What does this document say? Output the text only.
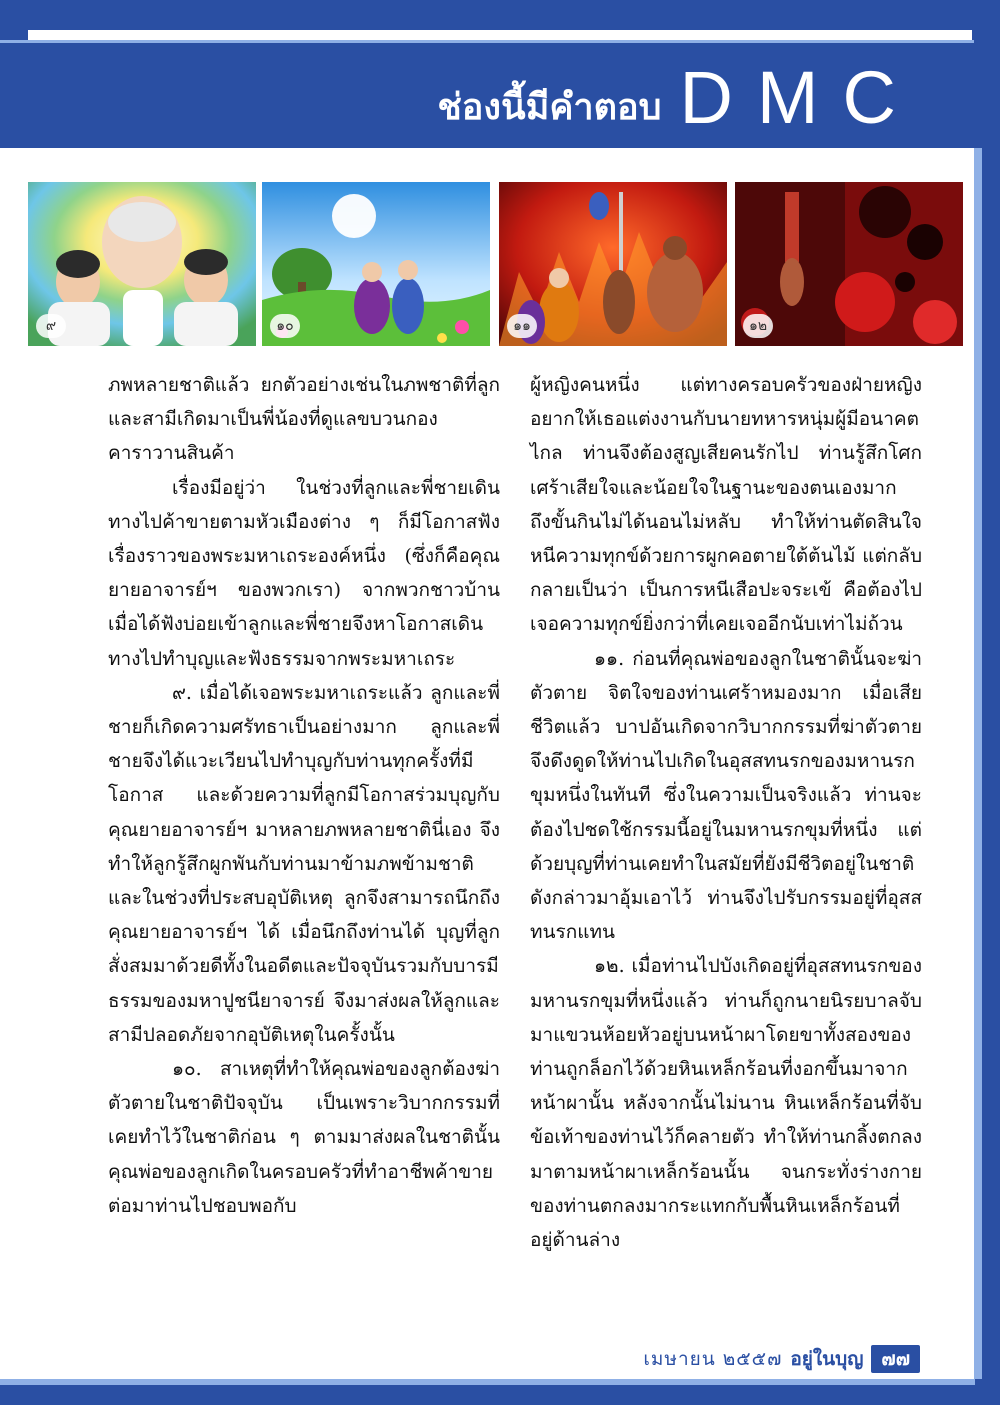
ช่องนี้มีคำตอบ DMC
๙	๑๐	๑๑	๑๒

ภพหลายชาติแล้ว ยกตัวอย่างเช่นในภพชาติที่ลูกและสามีเกิดมาเป็นพี่น้องที่ดูแลขบวนกองคาราวานสินค้า

เรื่องมีอยู่ว่า ในช่วงที่ลูกและพี่ชายเดินทางไปค้าขายตามหัวเมืองต่าง ๆ ก็มีโอกาสฟังเรื่องราวของพระมหาเถระองค์หนึ่ง (ซึ่งก็คือคุณยายอาจารย์ฯ ของพวกเรา) จากพวกชาวบ้าน เมื่อได้ฟังบ่อยเข้าลูกและพี่ชายจึงหาโอกาสเดินทางไปทำบุญและฟังธรรมจากพระมหาเถระ

๙. เมื่อได้เจอพระมหาเถระแล้ว ลูกและพี่ชายก็เกิดความศรัทธาเป็นอย่างมาก ลูกและพี่ชายจึงได้แวะเวียนไปทำบุญกับท่านทุกครั้งที่มีโอกาส และด้วยความที่ลูกมีโอกาสร่วมบุญกับคุณยายอาจารย์ฯ มาหลายภพหลายชาตินี่เอง จึงทำให้ลูกรู้สึกผูกพันกับท่านมาข้ามภพข้ามชาติ และในช่วงที่ประสบอุบัติเหตุ ลูกจึงสามารถนึกถึงคุณยายอาจารย์ฯ ได้ เมื่อนึกถึงท่านได้ บุญที่ลูกสั่งสมมาด้วยดีทั้งในอดีตและปัจจุบันรวมกับบารมีธรรมของมหาปูชนียาจารย์ จึงมาส่งผลให้ลูกและสามีปลอดภัยจากอุบัติเหตุในครั้งนั้น

๑๐. สาเหตุที่ทำให้คุณพ่อของลูกต้องฆ่าตัวตายในชาติปัจจุบัน เป็นเพราะวิบากกรรมที่เคยทำไว้ในชาติก่อน ๆ ตามมาส่งผลในชาตินั้นคุณพ่อของลูกเกิดในครอบครัวที่ทำอาชีพค้าขาย ต่อมาท่านไปชอบพอกับ

ผู้หญิงคนหนึ่ง แต่ทางครอบครัวของฝ่ายหญิงอยากให้เธอแต่งงานกับนายทหารหนุ่มผู้มีอนาคตไกล ท่านจึงต้องสูญเสียคนรักไป ท่านรู้สึกโศกเศร้าเสียใจและน้อยใจในฐานะของตนเองมาก ถึงขั้นกินไม่ได้นอนไม่หลับ ทำให้ท่านตัดสินใจหนีความทุกข์ด้วยการผูกคอตายใต้ต้นไม้ แต่กลับกลายเป็นว่า เป็นการหนีเสือปะจระเข้ คือต้องไปเจอความทุกข์ยิ่งกว่าที่เคยเจออีกนับเท่าไม่ถ้วน

๑๑. ก่อนที่คุณพ่อของลูกในชาตินั้นจะฆ่าตัวตาย จิตใจของท่านเศร้าหมองมาก เมื่อเสียชีวิตแล้ว บาปอันเกิดจากวิบากกรรมที่ฆ่าตัวตายจึงดึงดูดให้ท่านไปเกิดในอุสสทนรกของมหานรกขุมหนึ่งในทันที ซึ่งในความเป็นจริงแล้ว ท่านจะต้องไปชดใช้กรรมนี้อยู่ในมหานรกขุมที่หนึ่ง แต่ด้วยบุญที่ท่านเคยทำในสมัยที่ยังมีชีวิตอยู่ในชาติดังกล่าวมาอุ้มเอาไว้ ท่านจึงไปรับกรรมอยู่ที่อุสสทนรกแทน

๑๒. เมื่อท่านไปบังเกิดอยู่ที่อุสสทนรกของมหานรกขุมที่หนึ่งแล้ว ท่านก็ถูกนายนิรยบาลจับมาแขวนห้อยหัวอยู่บนหน้าผาโดยขาทั้งสองของท่านถูกล็อกไว้ด้วยหินเหล็กร้อนที่งอกขึ้นมาจากหน้าผานั้น หลังจากนั้นไม่นาน หินเหล็กร้อนที่จับข้อเท้าของท่านไว้ก็คลายตัว ทำให้ท่านกลิ้งตกลงมาตามหน้าผาเหล็กร้อนนั้น จนกระทั่งร่างกายของท่านตกลงมากระแทกกับพื้นหินเหล็กร้อนที่อยู่ด้านล่าง

เมษายน ๒๕๕๗ อยู่ในบุญ ๗๗
